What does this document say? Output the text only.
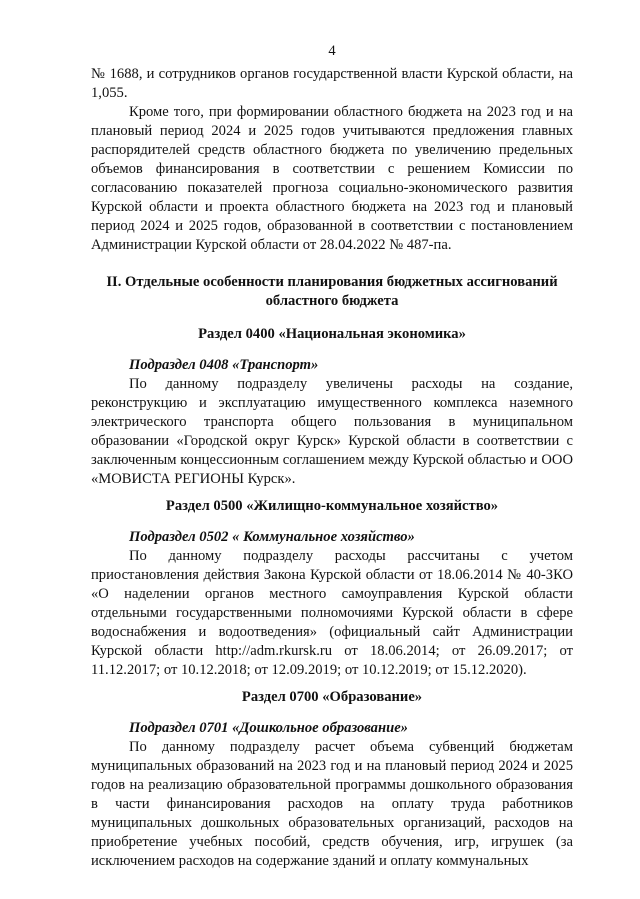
4

№ 1688, и сотрудников органов государственной власти Курской области, на 1,055.

Кроме того, при формировании областного бюджета на 2023 год и на плановый период 2024 и 2025 годов учитываются предложения главных распорядителей средств областного бюджета по увеличению предельных объемов финансирования в соответствии с решением Комиссии по согласованию показателей прогноза социально-экономического развития Курской области и проекта областного бюджета на 2023 год и плановый период 2024 и 2025 годов, образованной в соответствии с постановлением Администрации Курской области от 28.04.2022 № 487-па.

II. Отдельные особенности планирования бюджетных ассигнований областного бюджета
Раздел 0400 «Национальная экономика»
Подраздел 0408 «Транспорт»

По данному подразделу увеличены расходы на создание, реконструкцию и эксплуатацию имущественного комплекса наземного электрического транспорта общего пользования в муниципальном образовании «Городской округ Курск» Курской области в соответствии с заключенным концессионным соглашением между Курской областью и ООО «МОВИСТА РЕГИОНЫ Курск».

Раздел 0500 «Жилищно-коммунальное хозяйство»
Подраздел 0502 « Коммунальное хозяйство»

По данному подразделу расходы рассчитаны с учетом приостановления действия Закона Курской области от 18.06.2014 № 40-ЗКО «О наделении органов местного самоуправления Курской области отдельными государственными полномочиями Курской области в сфере водоснабжения и водоотведения» (официальный сайт Администрации Курской области http://adm.rkursk.ru от 18.06.2014; от 26.09.2017; от 11.12.2017; от 10.12.2018; от 12.09.2019; от 10.12.2019; от 15.12.2020).

Раздел 0700 «Образование»
Подраздел 0701 «Дошкольное образование»

По данному подразделу расчет объема субвенций бюджетам муниципальных образований на 2023 год и на плановый период 2024 и 2025 годов на реализацию образовательной программы дошкольного образования в части финансирования расходов на оплату труда работников муниципальных дошкольных образовательных организаций, расходов на приобретение учебных пособий, средств обучения, игр, игрушек (за исключением расходов на содержание зданий и оплату коммунальных
